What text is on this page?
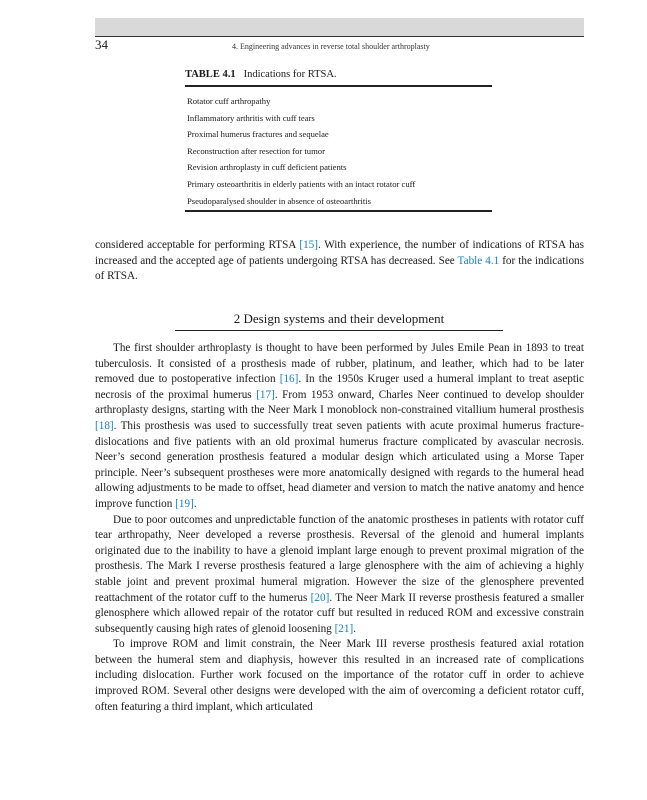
34	4. Engineering advances in reverse total shoulder arthroplasty
TABLE 4.1 Indications for RTSA.
Rotator cuff arthropathy
Inflammatory arthritis with cuff tears
Proximal humerus fractures and sequelae
Reconstruction after resection for tumor
Revision arthroplasty in cuff deficient patients
Primary osteoarthritis in elderly patients with an intact rotator cuff
Pseudoparalysed shoulder in absence of osteoarthritis

considered acceptable for performing RTSA [15]. With experience, the number of indications of RTSA has increased and the accepted age of patients undergoing RTSA has decreased. See Table 4.1 for the indications of RTSA.

2 Design systems and their development

The first shoulder arthroplasty is thought to have been performed by Jules Emile Pean in 1893 to treat tuberculosis. It consisted of a prosthesis made of rubber, platinum, and leather, which had to be later removed due to postoperative infection [16]. In the 1950s Kruger used a humeral implant to treat aseptic necrosis of the proximal humerus [17]. From 1953 onward, Charles Neer continued to develop shoulder arthroplasty designs, starting with the Neer Mark I monoblock non-constrained vitallium humeral prosthesis [18]. This prosthesis was used to successfully treat seven patients with acute proximal humerus fracture-dislocations and five patients with an old proximal humerus fracture complicated by avascular necrosis. Neer’s second generation prosthesis featured a modular design which articulated using a Morse Taper principle. Neer’s subsequent prostheses were more anatomically designed with regards to the humeral head allowing adjustments to be made to offset, head diameter and version to match the native anatomy and hence improve function [19].

Due to poor outcomes and unpredictable function of the anatomic prostheses in patients with rotator cuff tear arthropathy, Neer developed a reverse prosthesis. Reversal of the glenoid and humeral implants originated due to the inability to have a glenoid implant large enough to prevent proximal migration of the prosthesis. The Mark I reverse prosthesis featured a large glenosphere with the aim of achieving a highly stable joint and prevent proximal humeral migration. However the size of the glenosphere prevented reattachment of the rotator cuff to the humerus [20]. The Neer Mark II reverse prosthesis featured a smaller glenosphere which allowed repair of the rotator cuff but resulted in reduced ROM and excessive constrain subsequently causing high rates of glenoid loosening [21].

To improve ROM and limit constrain, the Neer Mark III reverse prosthesis featured axial rotation between the humeral stem and diaphysis, however this resulted in an increased rate of complications including dislocation. Further work focused on the importance of the rotator cuff in order to achieve improved ROM. Several other designs were developed with the aim of overcoming a deficient rotator cuff, often featuring a third implant, which articulated
